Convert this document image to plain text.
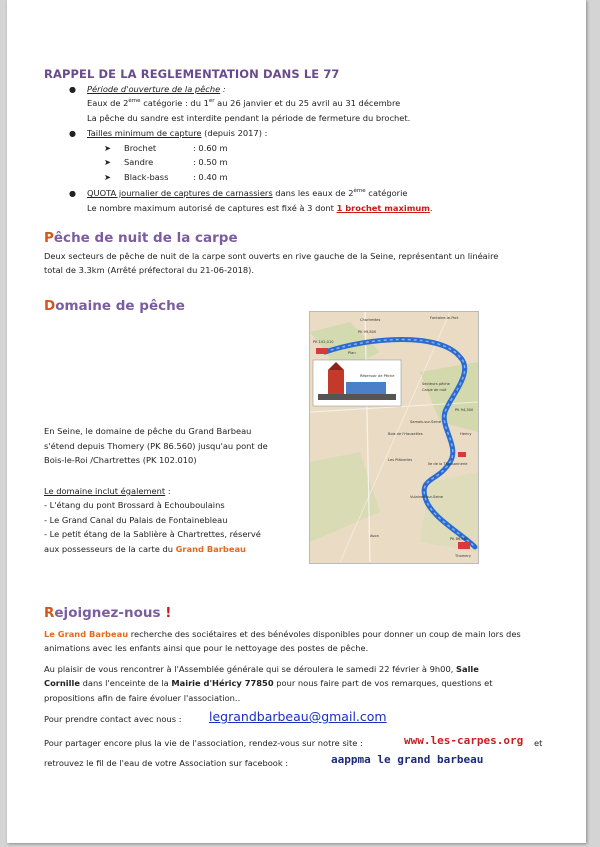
RAPPEL DE LA REGLEMENTATION DANS LE 77
● Période d'ouverture de la pêche :
Eaux de 2ème catégorie : du 1er au 26 janvier et du 25 avril au 31 décembre
La pêche du sandre est interdite pendant la période de fermeture du brochet.
● Tailles minimum de capture (depuis 2017) :
➤ Brochet	: 0.60 m
➤ Sandre	: 0.50 m
➤ Black-bass	: 0.40 m
● QUOTA journalier de captures de carnassiers dans les eaux de 2ème catégorie
Le nombre maximum autorisé de captures est fixé à 3 dont 1 brochet maximum.
Pêche de nuit de la carpe
Deux secteurs de pêche de nuit de la carpe sont ouverts en rive gauche de la Seine, représentant un linéaire
total de 3.3km (Arrêté préfectoral du 21-06-2018).
Domaine de pêche
En Seine, le domaine de pêche du Grand Barbeau
s'étend depuis Thomery (PK 86.560) jusqu'au pont de
Bois-le-Roi /Chartrettes (PK 102.010)
Le domaine inclut également :
- L'étang du pont Brossard à Echouboulains
- Le Grand Canal du Palais de Fontainebleau
- Le petit étang de la Sablière à Chartrettes, réservé
aux possesseurs de la carte du Grand Barbeau
Chartrettes	Fontaine-le-Port
PK 99,800
PK 102,010
Secteurs pêche
Carpe de nuit
PK 94,300
Samois-sur-Seine
Bois de l'Hauseilles	Hericy
Les Plâtreries
Ile de la Thassonnerie
Vulaines-sur-Seine
Avon
PK 86,560
Thomery
Plan
Réservoir de Pêche
Rejoignez-nous !
Le Grand Barbeau recherche des sociétaires et des bénévoles disponibles pour donner un coup de main lors des
animations avec les enfants ainsi que pour le nettoyage des postes de pêche.
Au plaisir de vous rencontrer à l'Assemblée générale qui se déroulera le samedi 22 février à 9h00, Salle
Cornille dans l'enceinte de la Mairie d'Héricy 77850 pour nous faire part de vos remarques, questions et
propositions afin de faire évoluer l'association..
Pour prendre contact avec nous : legrandbarbeau@gmail.com
Pour partager encore plus la vie de l'association, rendez-vous sur notre site :	www.les-carpes.org et
retrouvez le fil de l'eau de votre Association sur facebook :	aappma le grand barbeau
